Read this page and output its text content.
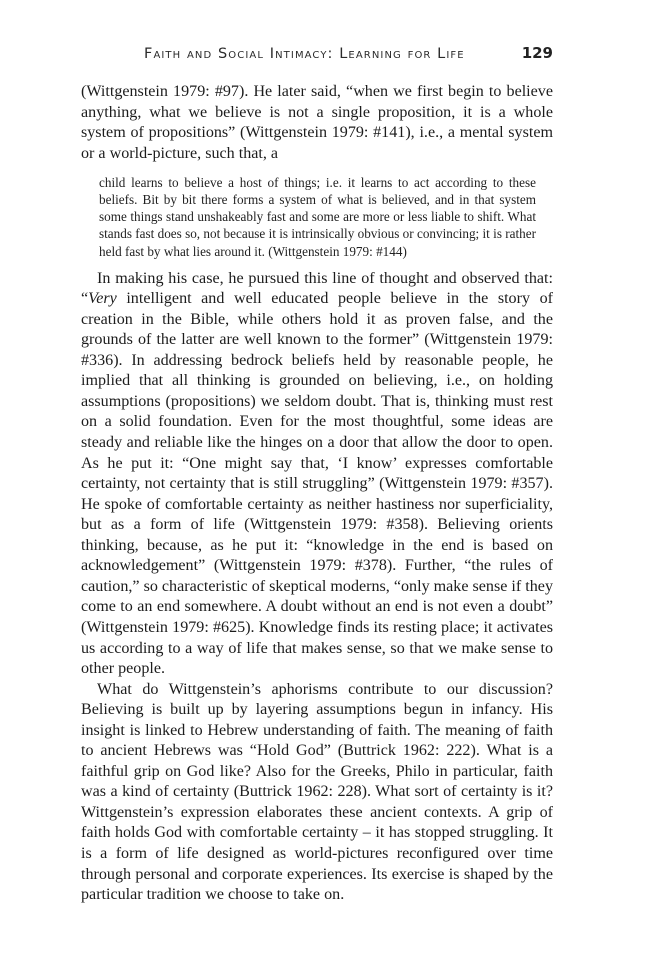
Faith and Social Intimacy: Learning for Life	129

(Wittgenstein 1979: #97). He later said, “when we first begin to believe anything, what we believe is not a single proposition, it is a whole system of propositions” (Wittgenstein 1979: #141), i.e., a mental system or a world-picture, such that, a

child learns to believe a host of things; i.e. it learns to act according to these beliefs. Bit by bit there forms a system of what is believed, and in that system some things stand unshakeably fast and some are more or less liable to shift. What stands fast does so, not because it is intrinsically obvious or convincing; it is rather held fast by what lies around it. (Wittgenstein 1979: #144)

In making his case, he pursued this line of thought and observed that: “Very intelligent and well educated people believe in the story of creation in the Bible, while others hold it as proven false, and the grounds of the latter are well known to the former” (Wittgenstein 1979: #336). In addressing bedrock beliefs held by reasonable people, he implied that all thinking is grounded on believing, i.e., on holding assumptions (propositions) we seldom doubt. That is, thinking must rest on a solid foundation. Even for the most thoughtful, some ideas are steady and reliable like the hinges on a door that allow the door to open. As he put it: “One might say that, ‘I know’ expresses comfortable certainty, not certainty that is still struggling” (Wittgenstein 1979: #357). He spoke of comfortable certainty as neither hastiness nor superficiality, but as a form of life (Wittgenstein 1979: #358). Believing orients thinking, because, as he put it: “knowledge in the end is based on acknowledgement” (Wittgenstein 1979: #378). Further, “the rules of caution,” so characteristic of skeptical moderns, “only make sense if they come to an end somewhere. A doubt without an end is not even a doubt” (Wittgenstein 1979: #625). Knowledge finds its resting place; it activates us according to a way of life that makes sense, so that we make sense to other people.

What do Wittgenstein’s aphorisms contribute to our discussion? Believing is built up by layering assumptions begun in infancy. His insight is linked to Hebrew understanding of faith. The meaning of faith to ancient Hebrews was “Hold God” (Buttrick 1962: 222). What is a faithful grip on God like? Also for the Greeks, Philo in particular, faith was a kind of certainty (Buttrick 1962: 228). What sort of certainty is it? Wittgenstein’s expression elaborates these ancient contexts. A grip of faith holds God with comfortable certainty – it has stopped struggling. It is a form of life designed as world-pictures reconfigured over time through personal and corporate experiences. Its exercise is shaped by the particular tradition we choose to take on.
